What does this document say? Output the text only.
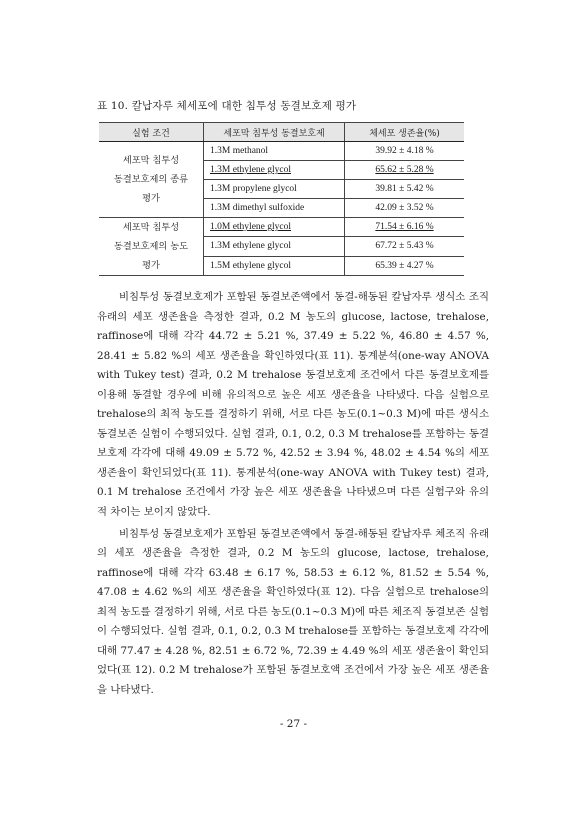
표 10. 칼납자루 체세포에 대한 침투성 동결보호제 평가
실험 조건	세포막 침투성 동결보호제	체세포 생존율(%)
세포막 침투성
동결보호제의 종류
평가	1.3M methanol	39.92 ± 4.18 %
	1.3M ethylene glycol	65.62 ± 5.28 %
	1.3M propylene glycol	39.81 ± 5.42 %
	1.3M dimethyl sulfoxide	42.09 ± 3.52 %
세포막 침투성
동결보호제의 농도
평가	1.0M ethylene glycol	71.54 ± 6.16 %
	1.3M ethylene glycol	67.72 ± 5.43 %
	1.5M ethylene glycol	65.39 ± 4.27 %

비침투성 동결보호제가 포함된 동결보존액에서 동결-해동된 칼납자루 생식소 조직 유래의 세포 생존율을 측정한 결과, 0.2 M 농도의 glucose, lactose, trehalose, raffinose에 대해 각각 44.72 ± 5.21 %, 37.49 ± 5.22 %, 46.80 ± 4.57 %, 28.41 ± 5.82 %의 세포 생존율을 확인하였다(표 11). 통계분석(one-way ANOVA with Tukey test) 결과, 0.2 M trehalose 동결보호제 조건에서 다른 동결보호제를 이용해 동결할 경우에 비해 유의적으로 높은 세포 생존율을 나타냈다. 다음 실험으로 trehalose의 최적 농도를 결정하기 위해, 서로 다른 농도(0.1~0.3 M)에 따른 생식소 동결보존 실험이 수행되었다. 실험 결과, 0.1, 0.2, 0.3 M trehalose를 포함하는 동결보호제 각각에 대해 49.09 ± 5.72 %, 42.52 ± 3.94 %, 48.02 ± 4.54 %의 세포 생존율이 확인되었다(표 11). 통계분석(one-way ANOVA with Tukey test) 결과, 0.1 M trehalose 조건에서 가장 높은 세포 생존율을 나타냈으며 다른 실험구와 유의적 차이는 보이지 않았다.

비침투성 동결보호제가 포함된 동결보존액에서 동결-해동된 칼납자루 체조직 유래의 세포 생존율을 측정한 결과, 0.2 M 농도의 glucose, lactose, trehalose, raffinose에 대해 각각 63.48 ± 6.17 %, 58.53 ± 6.12 %, 81.52 ± 5.54 %, 47.08 ± 4.62 %의 세포 생존율을 확인하였다(표 12). 다음 실험으로 trehalose의 최적 농도를 결정하기 위해, 서로 다른 농도(0.1~0.3 M)에 따른 체조직 동결보존 실험이 수행되었다. 실험 결과, 0.1, 0.2, 0.3 M trehalose를 포함하는 동결보호제 각각에 대해 77.47 ± 4.28 %, 82.51 ± 6.72 %, 72.39 ± 4.49 %의 세포 생존율이 확인되었다(표 12). 0.2 M trehalose가 포함된 동결보호액 조건에서 가장 높은 세포 생존율을 나타냈다.

- 27 -
